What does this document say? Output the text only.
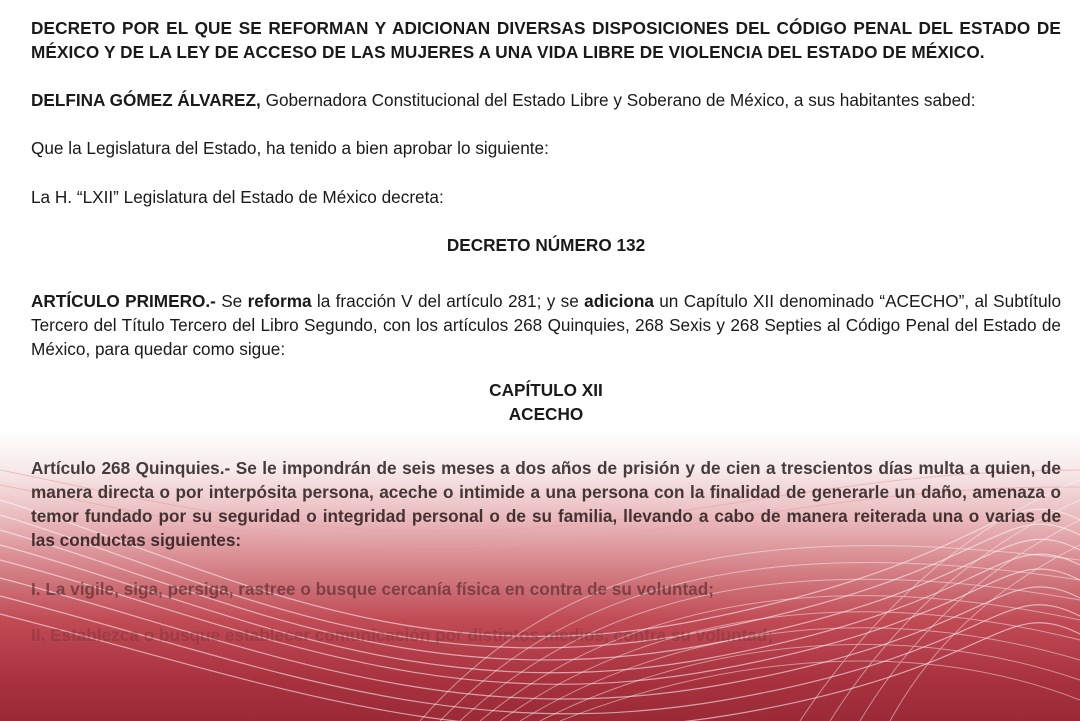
DECRETO POR EL QUE SE REFORMAN Y ADICIONAN DIVERSAS DISPOSICIONES DEL CÓDIGO PENAL DEL ESTADO DE MÉXICO Y DE LA LEY DE ACCESO DE LAS MUJERES A UNA VIDA LIBRE DE VIOLENCIA DEL ESTADO DE MÉXICO.

DELFINA GÓMEZ ÁLVAREZ, Gobernadora Constitucional del Estado Libre y Soberano de México, a sus habitantes sabed:

Que la Legislatura del Estado, ha tenido a bien aprobar lo siguiente:

La H. “LXII” Legislatura del Estado de México decreta:

DECRETO NÚMERO 132

ARTÍCULO PRIMERO.- Se reforma la fracción V del artículo 281; y se adiciona un Capítulo XII denominado “ACECHO”, al Subtítulo Tercero del Título Tercero del Libro Segundo, con los artículos 268 Quinquies, 268 Sexis y 268 Septies al Código Penal del Estado de México, para quedar como sigue:

CAPÍTULO XII

ACECHO

Artículo 268 Quinquies.- Se le impondrán de seis meses a dos años de prisión y de cien a trescientos días multa a quien, de manera directa o por interpósita persona, aceche o intimide a una persona con la finalidad de generarle un daño, amenaza o temor fundado por su seguridad o integridad personal o de su familia, llevando a cabo de manera reiterada una o varias de las conductas siguientes:

I. La vigile, siga, persiga, rastree o busque cercanía física en contra de su voluntad;

II. Establezca o busque establecer comunicación por distintos medios, contra su voluntad;
